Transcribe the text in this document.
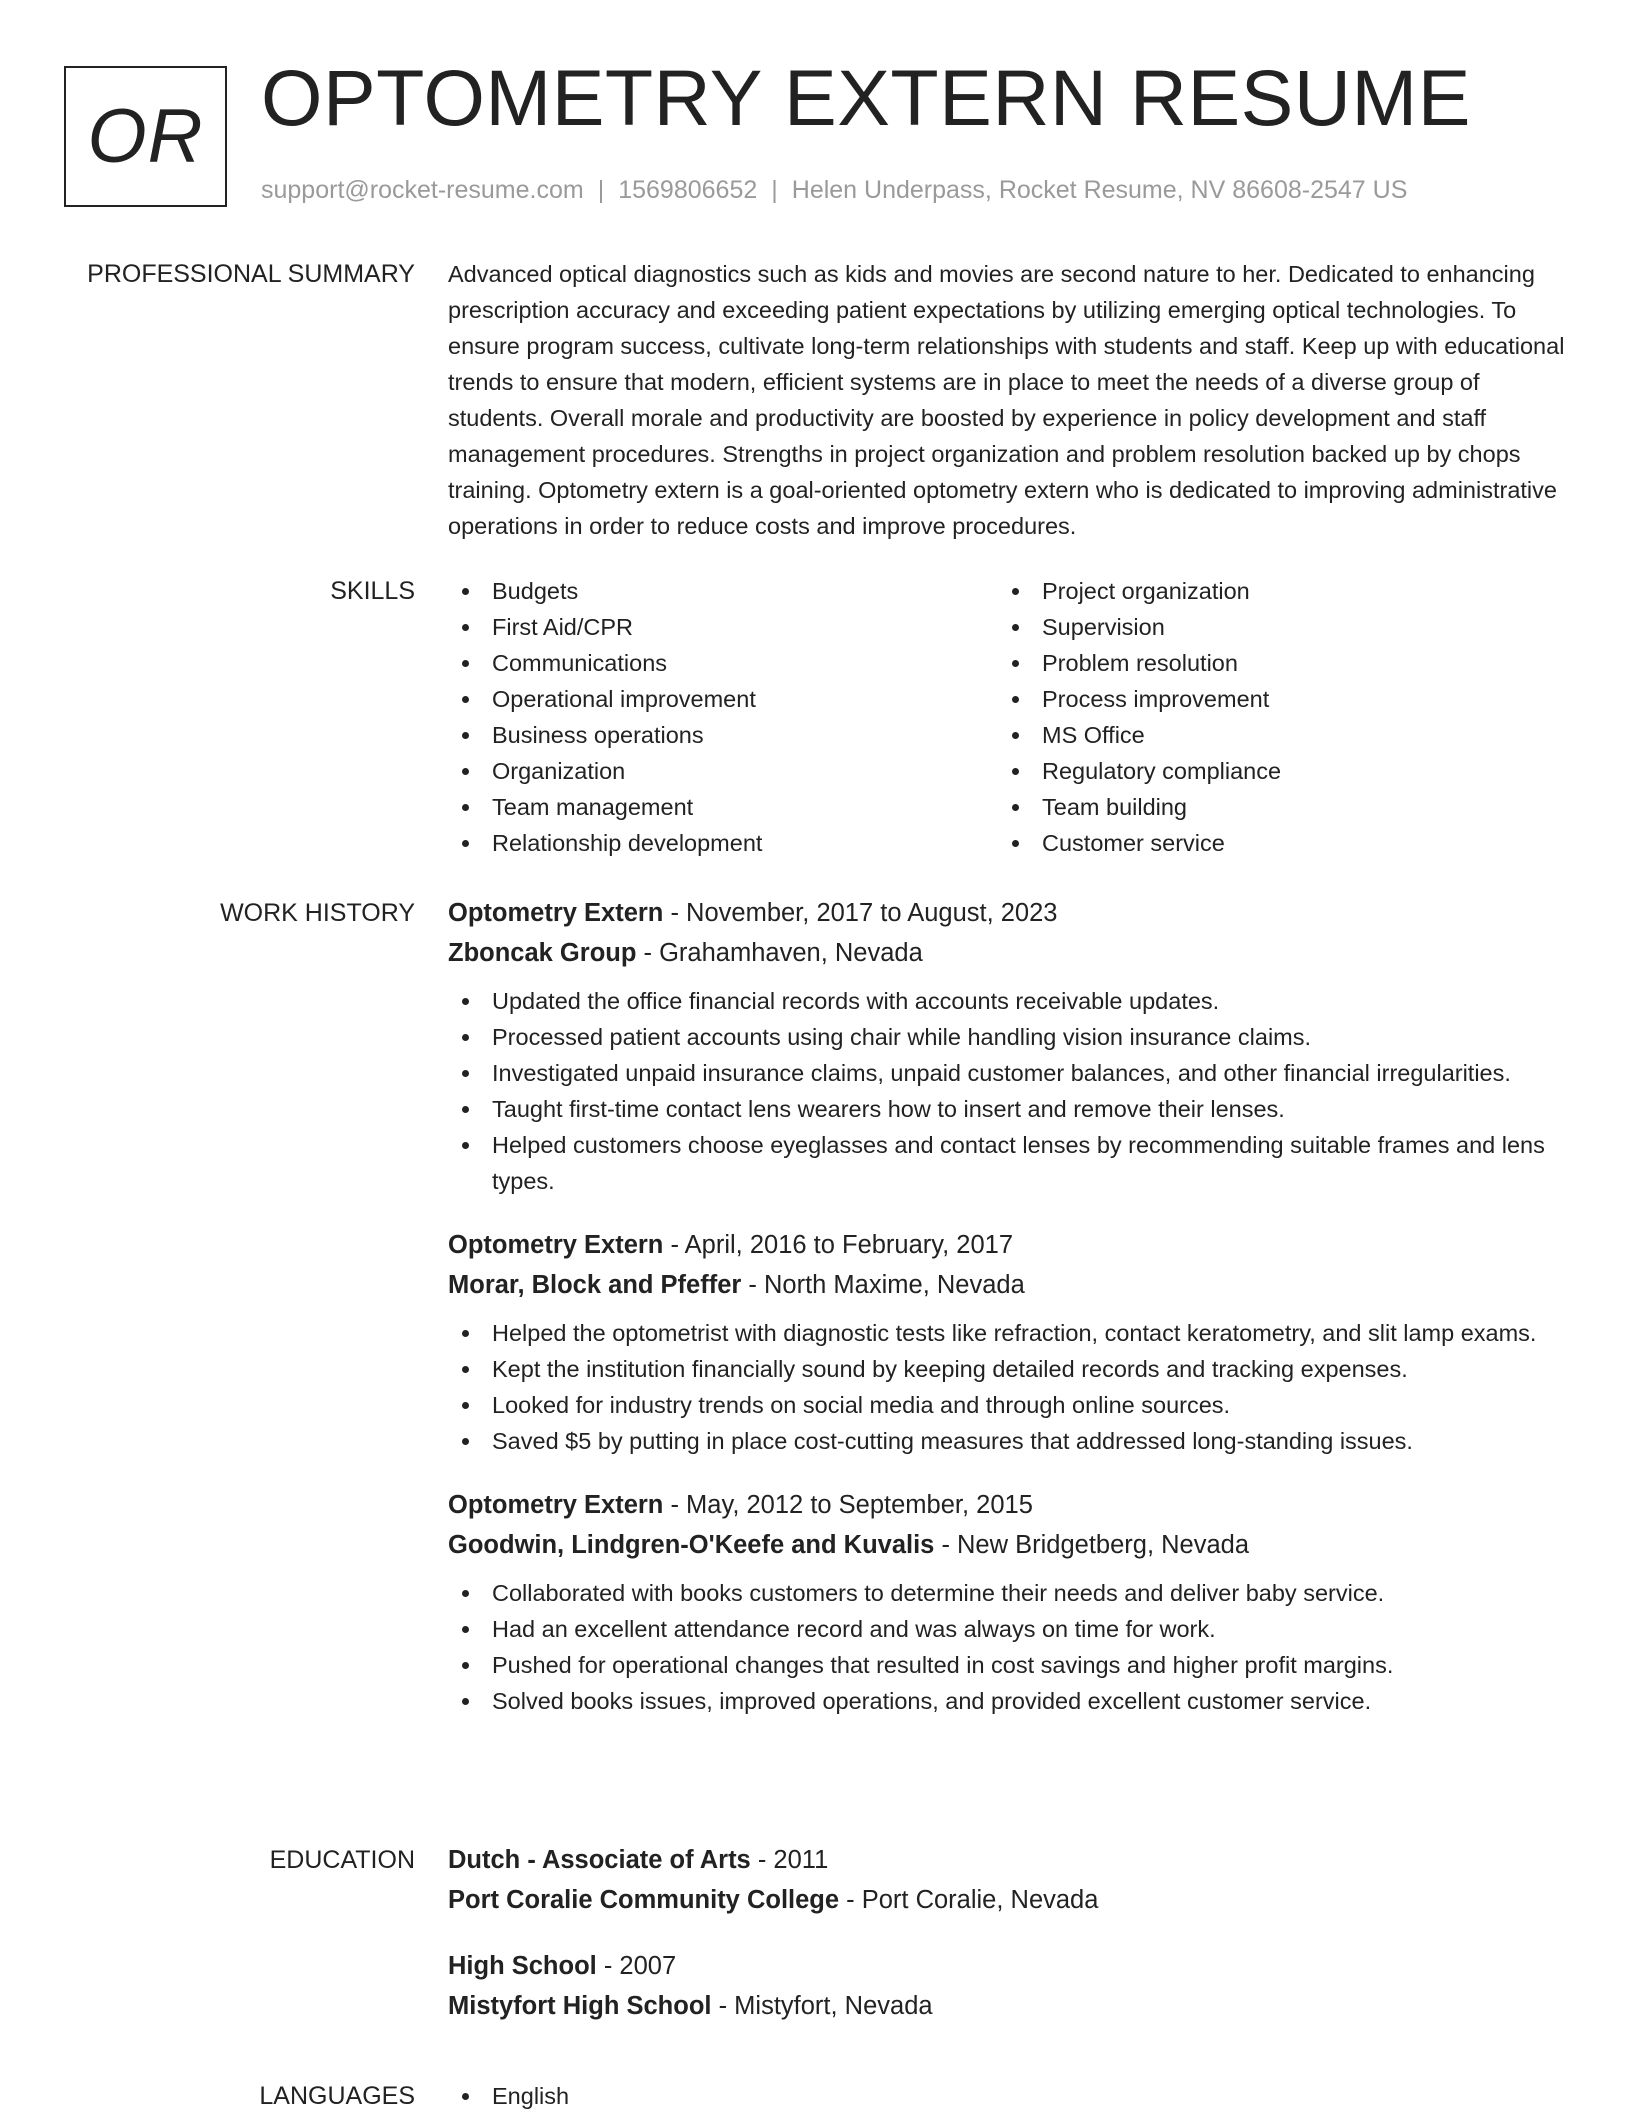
OR OPTOMETRY EXTERN RESUME
support@rocket-resume.com | 1569806652 | Helen Underpass, Rocket Resume, NV 86608-2547 US
PROFESSIONAL SUMMARY Advanced optical diagnostics such as kids and movies are second nature to her. Dedicated to enhancing prescription accuracy and exceeding patient expectations by utilizing emerging optical technologies. To ensure program success, cultivate long-term relationships with students and staff. Keep up with educational trends to ensure that modern, efficient systems are in place to meet the needs of a diverse group of students. Overall morale and productivity are boosted by experience in policy development and staff management procedures. Strengths in project organization and problem resolution backed up by chops training. Optometry extern is a goal-oriented optometry extern who is dedicated to improving administrative operations in order to reduce costs and improve procedures.

SKILLS	Budgets
First Aid/CPR
Communications
Operational improvement
Business operations
Organization
Team management
Relationship development
Project organization
Supervision
Problem resolution
Process improvement
MS Office
Regulatory compliance
Team building
Customer service
WORK HISTORY Optometry Extern - November, 2017 to August, 2023
Zboncak Group - Grahamhaven, Nevada
Updated the office financial records with accounts receivable updates.
Processed patient accounts using chair while handling vision insurance claims.
Investigated unpaid insurance claims, unpaid customer balances, and other financial irregularities.
Taught first-time contact lens wearers how to insert and remove their lenses.
Helped customers choose eyeglasses and contact lenses by recommending suitable frames and lens types.
Optometry Extern - April, 2016 to February, 2017
Morar, Block and Pfeffer - North Maxime, Nevada
Helped the optometrist with diagnostic tests like refraction, contact keratometry, and slit lamp exams.
Kept the institution financially sound by keeping detailed records and tracking expenses.
Looked for industry trends on social media and through online sources.
Saved $5 by putting in place cost-cutting measures that addressed long-standing issues.
Optometry Extern - May, 2012 to September, 2015
Goodwin, Lindgren-O'Keefe and Kuvalis - New Bridgetberg, Nevada
Collaborated with books customers to determine their needs and deliver baby service.
Had an excellent attendance record and was always on time for work.
Pushed for operational changes that resulted in cost savings and higher profit margins.
Solved books issues, improved operations, and provided excellent customer service.
EDUCATION Dutch - Associate of Arts - 2011
Port Coralie Community College - Port Coralie, Nevada
High School - 2007
Mistyfort High School - Mistyfort, Nevada
LANGUAGES	English
